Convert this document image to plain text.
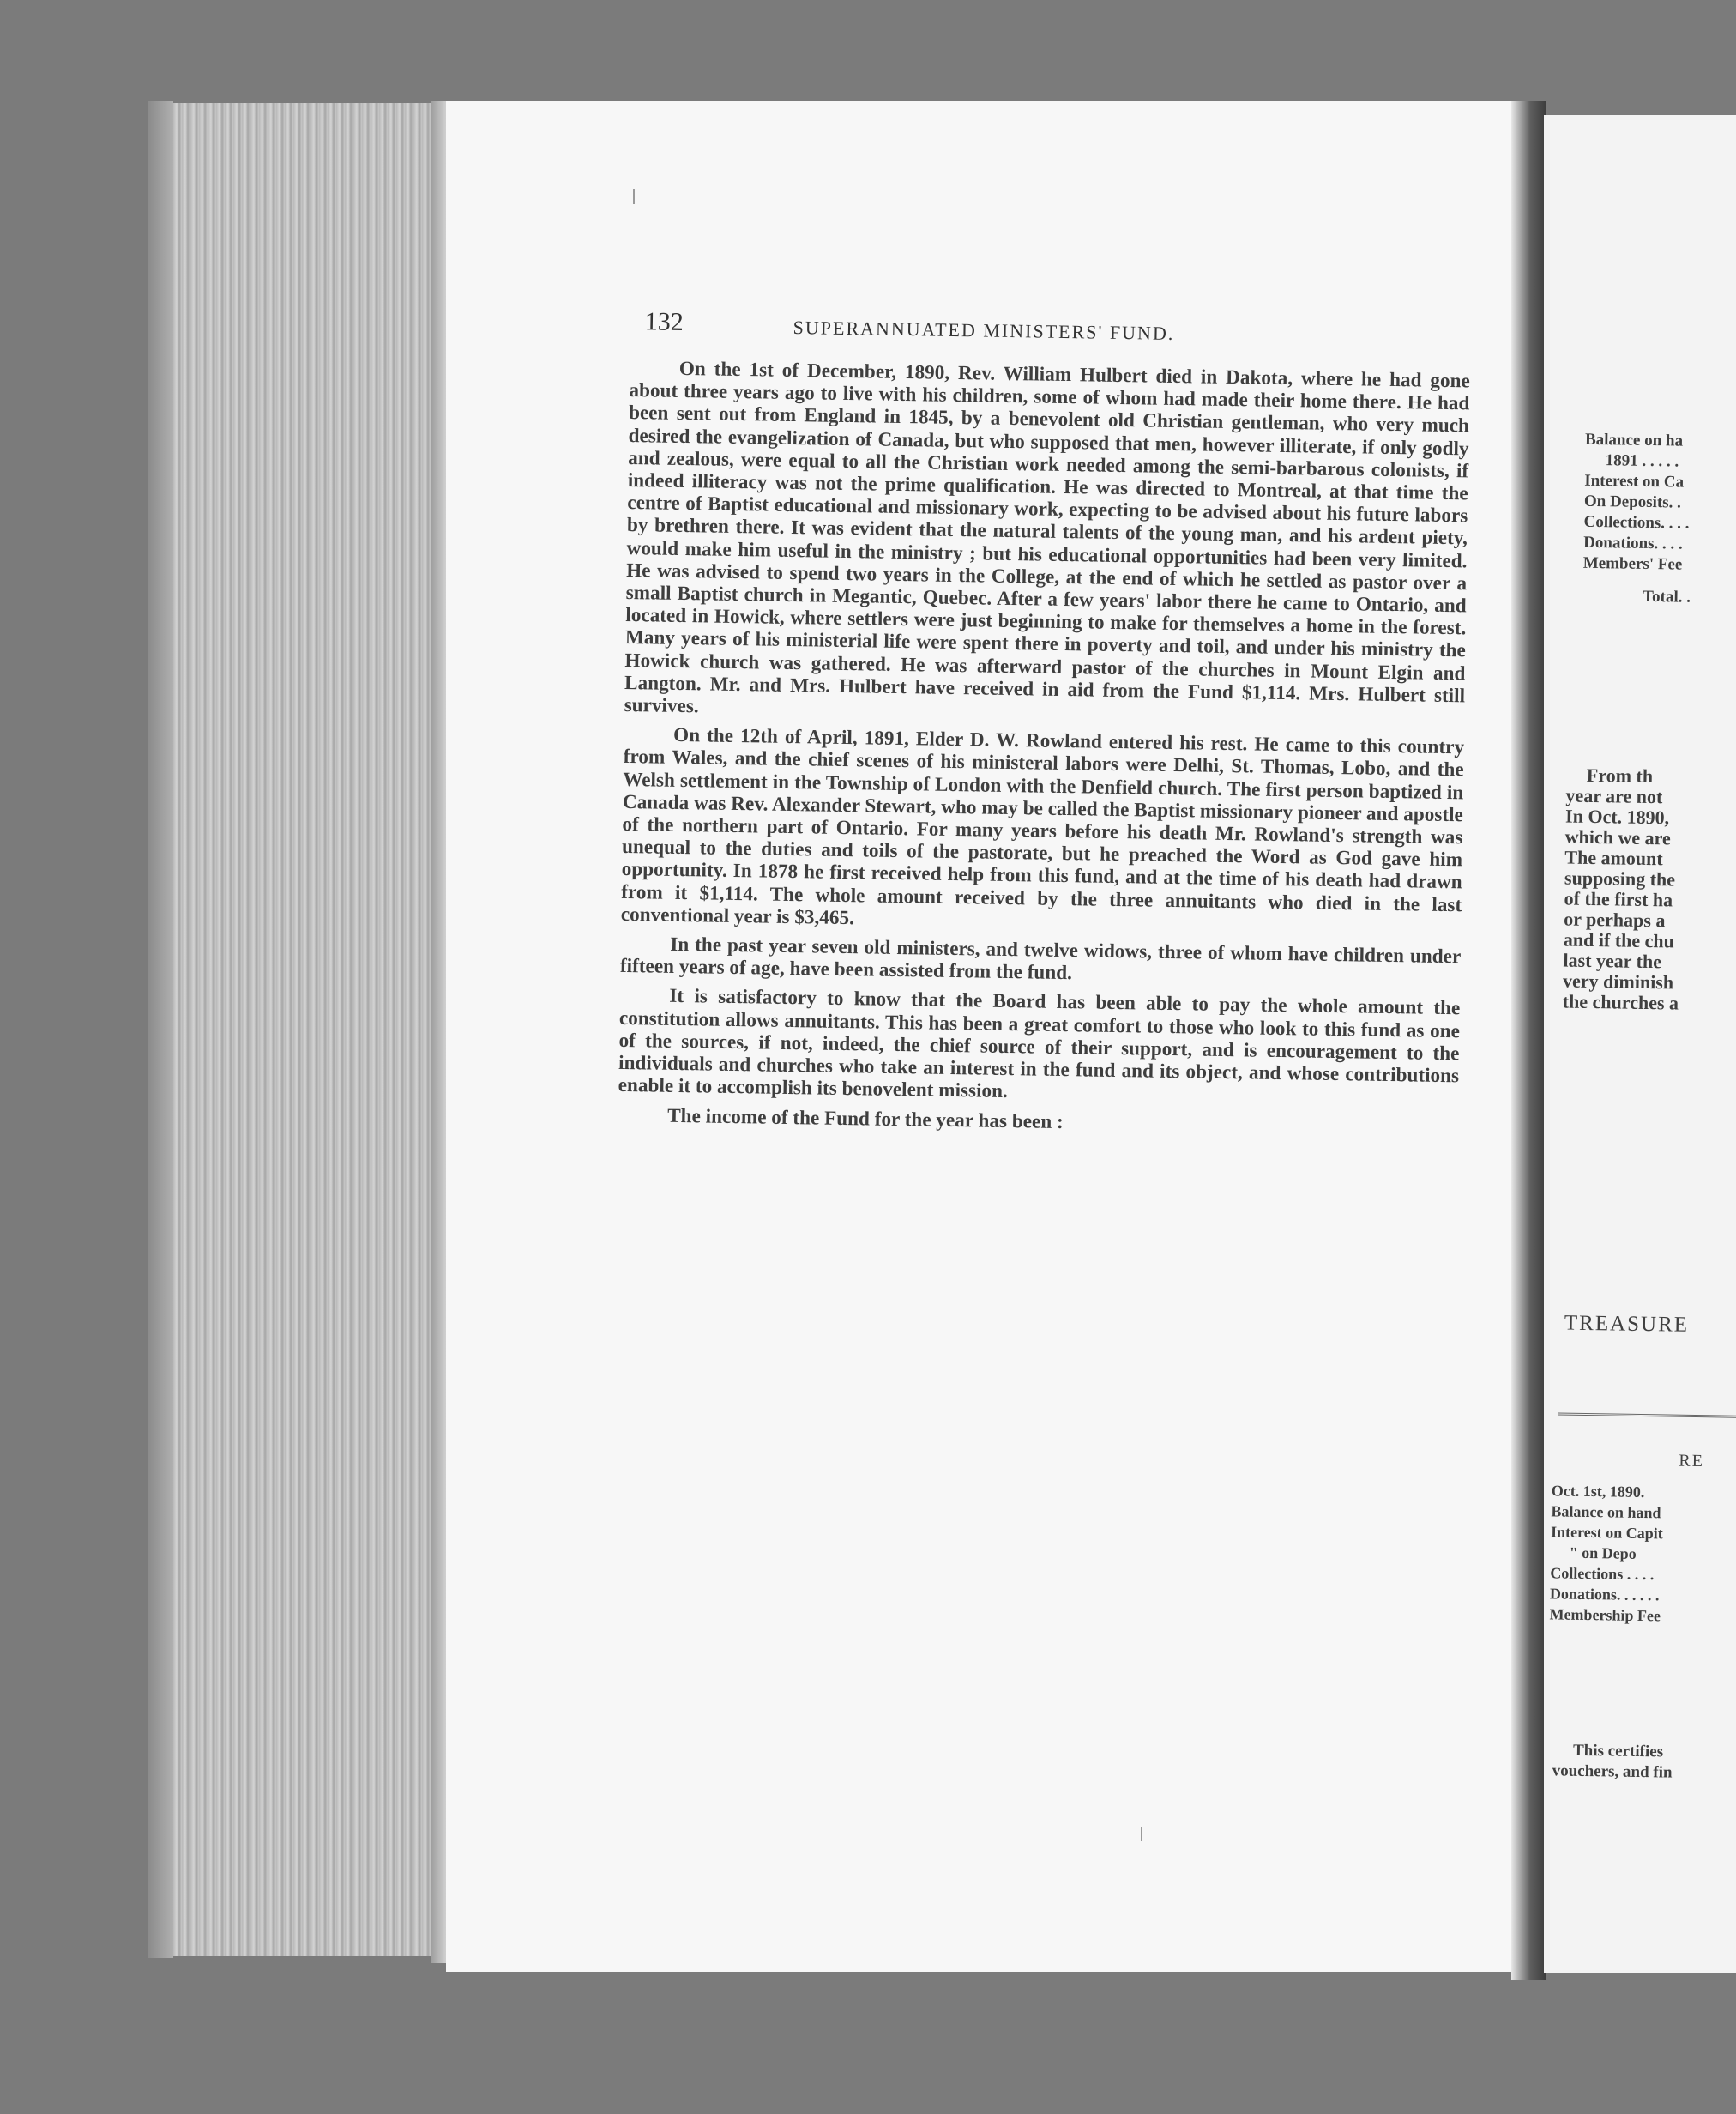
132	SUPERANNUATED MINISTERS' FUND.

On the 1st of December, 1890, Rev. William Hulbert died in Dakota, where he had gone about three years ago to live with his children, some of whom had made their home there. He had been sent out from England in 1845, by a benevolent old Christian gentleman, who very much desired the evangelization of Canada, but who supposed that men, however illiterate, if only godly and zealous, were equal to all the Christian work needed among the semi-barbarous colonists, if indeed illiteracy was not the prime qualification. He was directed to Montreal, at that time the centre of Baptist educational and missionary work, expecting to be advised about his future labors by brethren there. It was evident that the natural talents of the young man, and his ardent piety, would make him useful in the ministry ; but his educational opportunities had been very limited. He was advised to spend two years in the College, at the end of which he settled as pastor over a small Baptist church in Megantic, Quebec. After a few years' labor there he came to Ontario, and located in Howick, where settlers were just beginning to make for themselves a home in the forest. Many years of his ministerial life were spent there in poverty and toil, and under his ministry the Howick church was gathered. He was afterward pastor of the churches in Mount Elgin and Langton. Mr. and Mrs. Hulbert have received in aid from the Fund $1,114. Mrs. Hulbert still survives.

On the 12th of April, 1891, Elder D. W. Rowland entered his rest. He came to this country from Wales, and the chief scenes of his ministeral labors were Delhi, St. Thomas, Lobo, and the Welsh settlement in the Township of London with the Denfield church. The first person baptized in Canada was Rev. Alexander Stewart, who may be called the Baptist missionary pioneer and apostle of the northern part of Ontario. For many years before his death Mr. Rowland's strength was unequal to the duties and toils of the pastorate, but he preached the Word as God gave him opportunity. In 1878 he first received help from this fund, and at the time of his death had drawn from it $1,114. The whole amount received by the three annuitants who died in the last conventional year is $3,465.

In the past year seven old ministers, and twelve widows, three of whom have children under fifteen years of age, have been assisted from the fund.

It is satisfactory to know that the Board has been able to pay the whole amount the constitution allows annuitants. This has been a great comfort to those who look to this fund as one of the sources, if not, indeed, the chief source of their support, and is encouragement to the individuals and churches who take an interest in the fund and its object, and whose contributions enable it to accomplish its benovelent mission.

The income of the Fund for the year has been :

Balance on ha
1891 . . . . .
Interest on Ca
On Deposits. .
Collections. . . .
Donations. . . .
Members' Fee
Total. .
From th
year are not
In Oct. 1890,
which we are
The amount
supposing the
of the first ha
or perhaps a
and if the chu
last year the
very diminish
the churches a
TREASURE
RE
Oct. 1st, 1890.
Balance on hand
Interest on Capit
" on Depo
Collections . . . .
Donations. . . . . .
Membership Fee
This certifies
vouchers, and fin
